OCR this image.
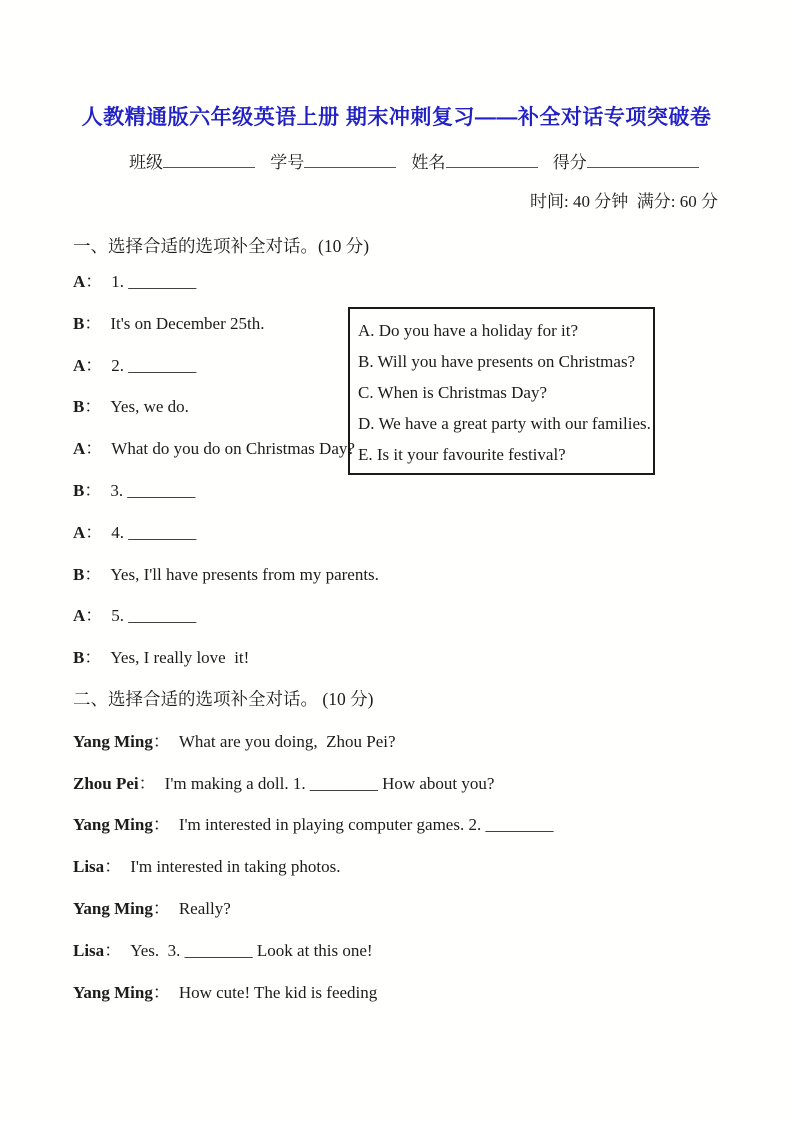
人教精通版六年级英语上册 期末冲刺复习——补全对话专项突破卷
班级	学号	姓名	得分
时间: 40 分钟  满分: 60 分
一、选择合适的选项补全对话。(10 分)
A. Do you have a holiday for it?
B. Will you have presents on Christmas?
C. When is Christmas Day?
D. We have a great party with our families.
E. Is it your favourite festival?
A： 1. ________
B： It's on December 25th.
A： 2. ________
B： Yes, we do.
A： What do you do on Christmas Day?
B： 3. ________
A： 4. ________
B： Yes, I'll have presents from my parents.
A： 5. ________
B： Yes, I really love  it!
二、选择合适的选项补全对话。 (10 分)
Yang Ming： What are you doing,  Zhou Pei?
Zhou Pei： I'm making a doll. 1. ________ How about you?
Yang Ming： I'm interested in playing computer games. 2. ________
Lisa： I'm interested in taking photos.
Yang Ming： Really?
Lisa： Yes.  3. ________ Look at this one!
Yang Ming： How cute! The kid is feeding
